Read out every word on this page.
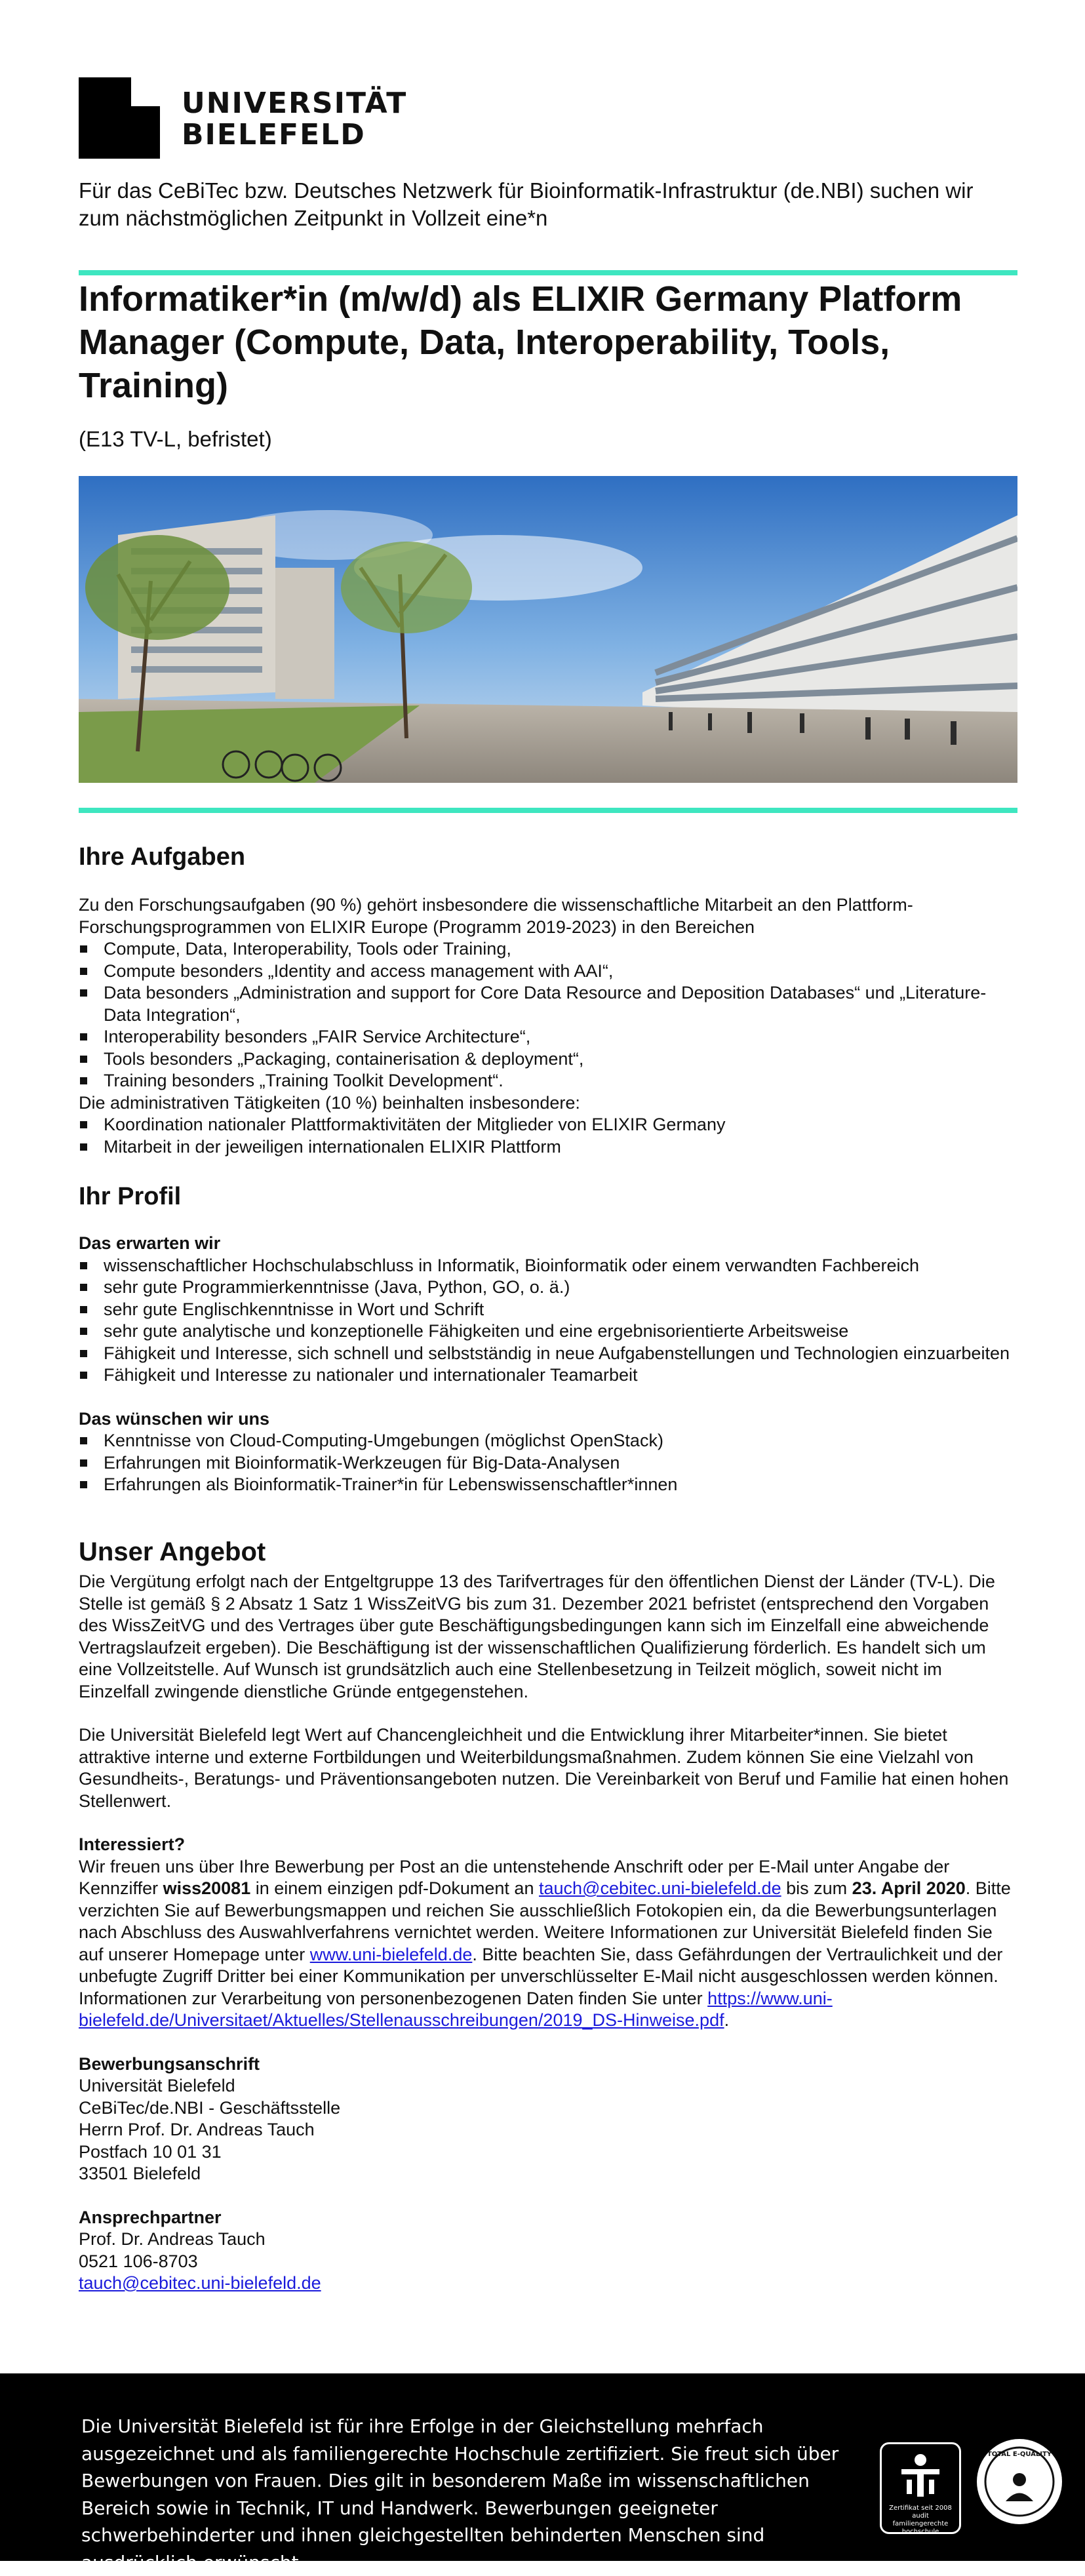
UNIVERSITÄT
BIELEFELD
Für das CeBiTec bzw. Deutsches Netzwerk für Bioinformatik-Infrastruktur (de.NBI) suchen wir zum nächstmöglichen Zeitpunkt in Vollzeit eine*n
Informatiker*in (m/w/d) als ELIXIR Germany Platform Manager (Compute, Data, Interoperability, Tools, Training)
(E13 TV-L, befristet)
Ihre Aufgaben

Zu den Forschungsaufgaben (90 %) gehört insbesondere die wissenschaftliche Mitarbeit an den Plattform-Forschungsprogrammen von ELIXIR Europe (Programm 2019-2023) in den Bereichen

Compute, Data, Interoperability, Tools oder Training,
Compute besonders „Identity and access management with AAI“,
Data besonders „Administration and support for Core Data Resource and Deposition Databases“ und „Literature-Data Integration“,
Interoperability besonders „FAIR Service Architecture“,
Tools besonders „Packaging, containerisation & deployment“,
Training besonders „Training Toolkit Development“.

Die administrativen Tätigkeiten (10 %) beinhalten insbesondere:

Koordination nationaler Plattformaktivitäten der Mitglieder von ELIXIR Germany
Mitarbeit in der jeweiligen internationalen ELIXIR Plattform
Ihr Profil

Das erwarten wir

wissenschaftlicher Hochschulabschluss in Informatik, Bioinformatik oder einem verwandten Fachbereich
sehr gute Programmierkenntnisse (Java, Python, GO, o. ä.)
sehr gute Englischkenntnisse in Wort und Schrift
sehr gute analytische und konzeptionelle Fähigkeiten und eine ergebnisorientierte Arbeitsweise
Fähigkeit und Interesse, sich schnell und selbstständig in neue Aufgabenstellungen und Technologien einzuarbeiten
Fähigkeit und Interesse zu nationaler und internationaler Teamarbeit

Das wünschen wir uns

Kenntnisse von Cloud-Computing-Umgebungen (möglichst OpenStack)
Erfahrungen mit Bioinformatik-Werkzeugen für Big-Data-Analysen
Erfahrungen als Bioinformatik-Trainer*in für Lebenswissenschaftler*innen
Unser Angebot

Die Vergütung erfolgt nach der Entgeltgruppe 13 des Tarifvertrages für den öffentlichen Dienst der Länder (TV-L). Die Stelle ist gemäß § 2 Absatz 1 Satz 1 WissZeitVG bis zum 31. Dezember 2021 befristet (entsprechend den Vorgaben des WissZeitVG und des Vertrages über gute Beschäftigungsbedingungen kann sich im Einzelfall eine abweichende Vertragslaufzeit ergeben). Die Beschäftigung ist der wissenschaftlichen Qualifizierung förderlich. Es handelt sich um eine Vollzeitstelle. Auf Wunsch ist grundsätzlich auch eine Stellenbesetzung in Teilzeit möglich, soweit nicht im Einzelfall zwingende dienstliche Gründe entgegenstehen.

Die Universität Bielefeld legt Wert auf Chancengleichheit und die Entwicklung ihrer Mitarbeiter*innen. Sie bietet attraktive interne und externe Fortbildungen und Weiterbildungsmaßnahmen. Zudem können Sie eine Vielzahl von Gesundheits-, Beratungs- und Präventionsangeboten nutzen. Die Vereinbarkeit von Beruf und Familie hat einen hohen Stellenwert.

Interessiert?

Wir freuen uns über Ihre Bewerbung per Post an die untenstehende Anschrift oder per E-Mail unter Angabe der Kennziffer wiss20081 in einem einzigen pdf-Dokument an tauch@cebitec.uni-bielefeld.de bis zum 23. April 2020. Bitte verzichten Sie auf Bewerbungsmappen und reichen Sie ausschließlich Fotokopien ein, da die Bewerbungsunterlagen nach Abschluss des Auswahlverfahrens vernichtet werden. Weitere Informationen zur Universität Bielefeld finden Sie auf unserer Homepage unter www.uni-bielefeld.de. Bitte beachten Sie, dass Gefährdungen der Vertraulichkeit und der unbefugte Zugriff Dritter bei einer Kommunikation per unverschlüsselter E-Mail nicht ausgeschlossen werden können. Informationen zur Verarbeitung von personenbezogenen Daten finden Sie unter https://www.uni-bielefeld.de/Universitaet/Aktuelles/Stellenausschreibungen/2019_DS-Hinweise.pdf.

Bewerbungsanschrift

Universität Bielefeld

CeBiTec/de.NBI - Geschäftsstelle

Herrn Prof. Dr. Andreas Tauch

Postfach 10 01 31

33501 Bielefeld

Ansprechpartner

Prof. Dr. Andreas Tauch

0521 106-8703

tauch@cebitec.uni-bielefeld.de

Die Universität Bielefeld ist für ihre Erfolge in der Gleichstellung mehrfach ausgezeichnet und als familiengerechte Hochschule zertifiziert. Sie freut sich über Bewerbungen von Frauen. Dies gilt in besonderem Maße im wissenschaftlichen Bereich sowie in Technik, IT und Handwerk. Bewerbungen geeigneter schwerbehinderter und ihnen gleichgestellten behinderten Menschen sind ausdrücklich erwünscht.
Zertifikat seit 2008 audit familiengerechte hochschule
TOTAL E-QUALITY
